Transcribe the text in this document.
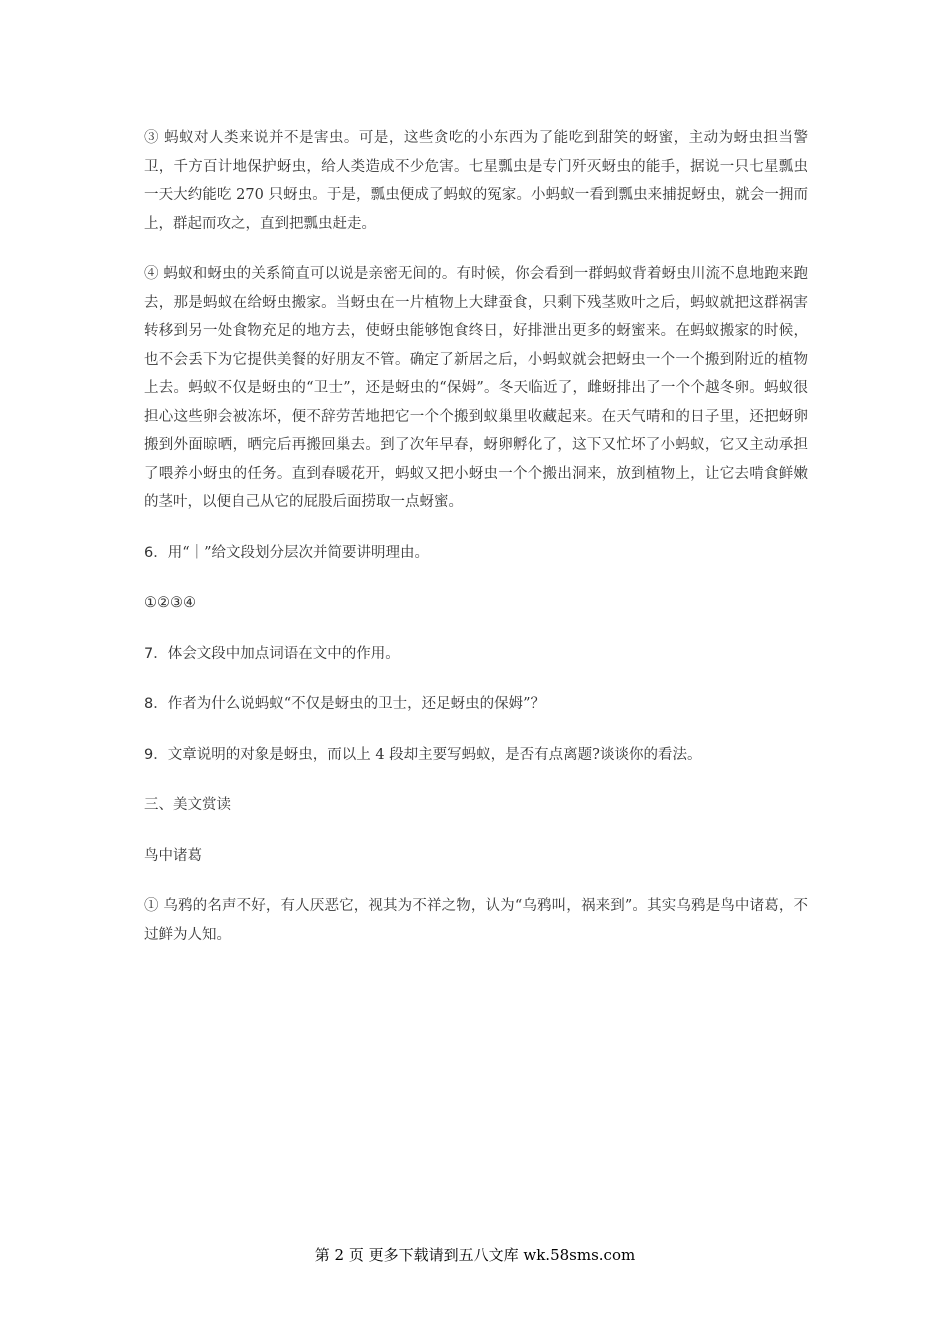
③ 蚂蚁对人类来说并不是害虫。可是，这些贪吃的小东西为了能吃到甜笑的蚜蜜，主动为蚜虫担当警卫，千方百计地保护蚜虫，给人类造成不少危害。七星瓢虫是专门歼灭蚜虫的能手，据说一只七星瓢虫一天大约能吃 270 只蚜虫。于是，瓢虫便成了蚂蚁的冤家。小蚂蚁一看到瓢虫来捕捉蚜虫，就会一拥而上，群起而攻之，直到把瓢虫赶走。

④ 蚂蚁和蚜虫的关系简直可以说是亲密无间的。有时候，你会看到一群蚂蚁背着蚜虫川流不息地跑来跑去，那是蚂蚁在给蚜虫搬家。当蚜虫在一片植物上大肆蚕食，只剩下残茎败叶之后，蚂蚁就把这群祸害转移到另一处食物充足的地方去，使蚜虫能够饱食终日，好排泄出更多的蚜蜜来。在蚂蚁搬家的时候，也不会丢下为它提供美餐的好朋友不管。确定了新居之后，小蚂蚁就会把蚜虫一个一个搬到附近的植物上去。蚂蚁不仅是蚜虫的“卫士”，还是蚜虫的“保姆”。冬天临近了，雌蚜排出了一个个越冬卵。蚂蚁很担心这些卵会被冻坏，便不辞劳苦地把它一个个搬到蚁巢里收藏起来。在天气晴和的日子里，还把蚜卵搬到外面晾晒，晒完后再搬回巢去。到了次年早春，蚜卵孵化了，这下又忙坏了小蚂蚁，它又主动承担了喂养小蚜虫的任务。直到春暖花开，蚂蚁又把小蚜虫一个个搬出洞来，放到植物上，让它去啃食鲜嫩的茎叶，以便自己从它的屁股后面捞取一点蚜蜜。

6．用“｜”给文段划分层次并简要讲明理由。

①②③④

7．体会文段中加点词语在文中的作用。

8．作者为什么说蚂蚁“不仅是蚜虫的卫士，还足蚜虫的保姆”？

9．文章说明的对象是蚜虫，而以上 4 段却主要写蚂蚁，是否有点离题?谈谈你的看法。

三、美文赏读

鸟中诸葛

① 乌鸦的名声不好，有人厌恶它，视其为不祥之物，认为“乌鸦叫，祸来到”。其实乌鸦是鸟中诸葛，不过鲜为人知。

第 2 页 更多下载请到五八文库 wk.58sms.com
